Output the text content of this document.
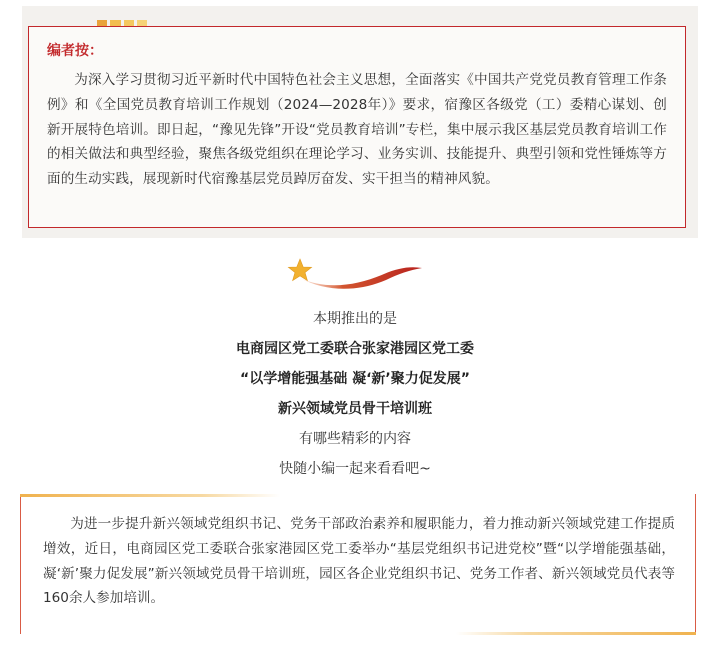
编者按：

为深入学习贯彻习近平新时代中国特色社会主义思想，全面落实《中国共产党党员教育管理工作条例》和《全国党员教育培训工作规划（2024—2028年）》要求，宿豫区各级党（工）委精心谋划、创新开展特色培训。即日起，“豫见先锋”开设“党员教育培训”专栏，集中展示我区基层党员教育培训工作的相关做法和典型经验，聚焦各级党组织在理论学习、业务实训、技能提升、典型引领和党性锤炼等方面的生动实践，展现新时代宿豫基层党员踔厉奋发、实干担当的精神风貌。

本期推出的是
电商园区党工委联合张家港园区党工委
“以学增能强基础 凝‘新’聚力促发展”
新兴领域党员骨干培训班
有哪些精彩的内容
快随小编一起来看看吧~

为进一步提升新兴领域党组织书记、党务干部政治素养和履职能力，着力推动新兴领域党建工作提质增效，近日，电商园区党工委联合张家港园区党工委举办“基层党组织书记进党校”暨“以学增能强基础，凝‘新’聚力促发展”新兴领域党员骨干培训班，园区各企业党组织书记、党务工作者、新兴领域党员代表等160余人参加培训。
